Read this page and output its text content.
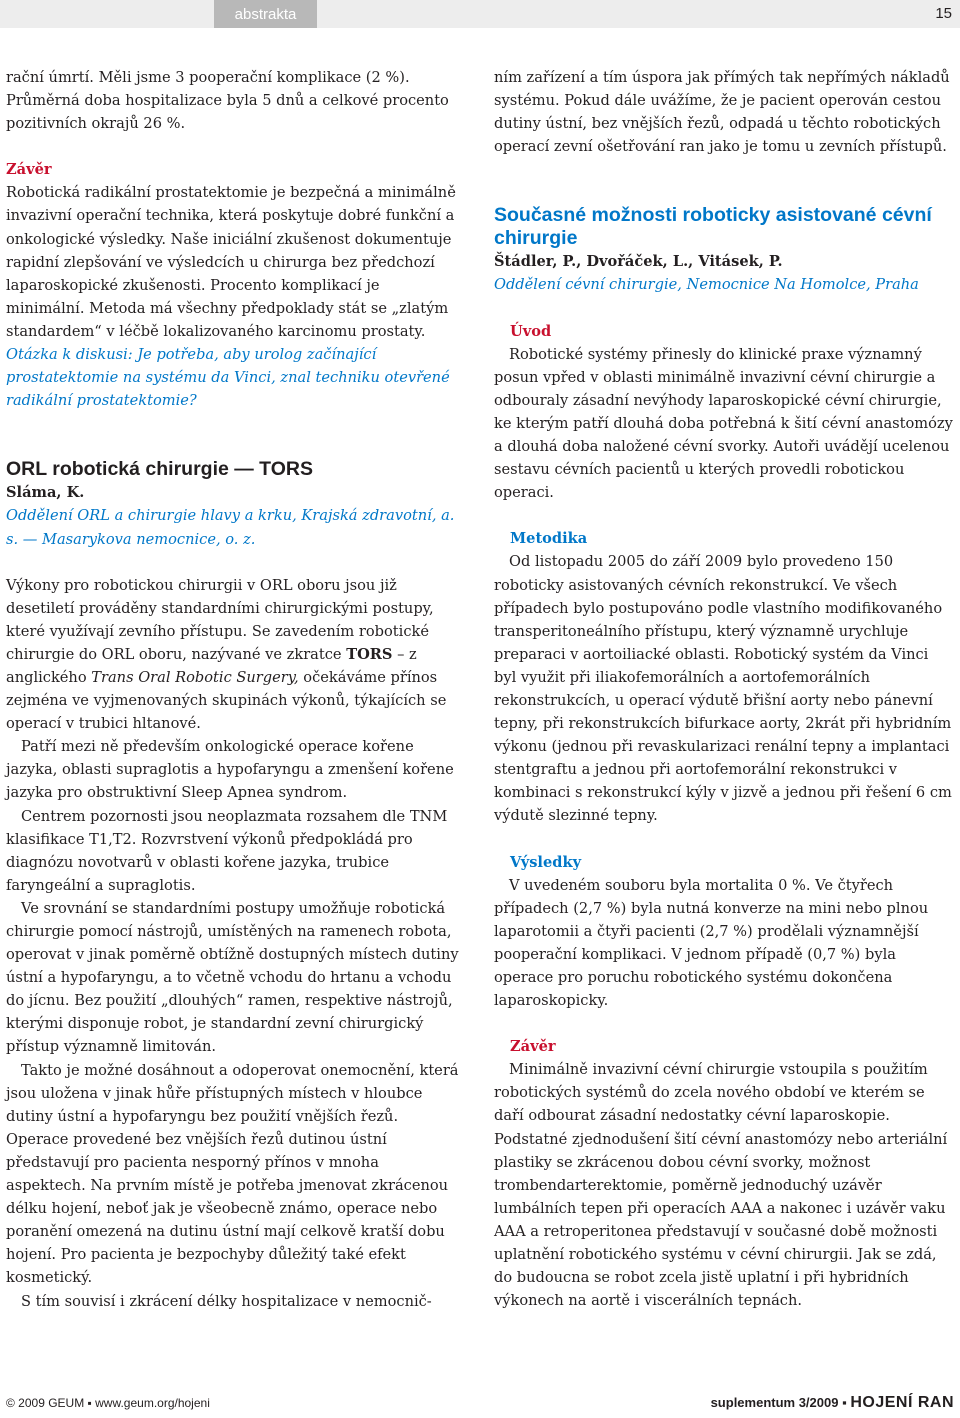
abstrakta	15

rační úmrtí. Měli jsme 3 pooperační komplikace (2 %). Průměrná doba hospitalizace byla 5 dnů a celkové procento pozitivních okrajů 26 %.

Závěr

Robotická radikální prostatektomie je bezpečná a minimálně invazivní operační technika, která poskytuje dobré funkční a onkologické výsledky. Naše iniciální zkušenost dokumentuje rapidní zlepšování ve výsledcích u chirurga bez předchozí laparoskopické zkušenosti. Procento komplikací je minimální. Metoda má všechny předpoklady stát se „zlatým standardem“ v léčbě lokalizovaného karcinomu prostaty.

Otázka k diskusi: Je potřeba, aby urolog začínající prostatektomie na systému da Vinci, znal techniku otevřené radikální prostatektomie?

ORL robotická chirurgie — TORS

Sláma, K.

Oddělení ORL a chirurgie hlavy a krku, Krajská zdravotní, a. s. — Masarykova nemocnice, o. z.

Výkony pro robotickou chirurgii v ORL oboru jsou již desetiletí prováděny standardními chirurgickými postupy, které využívají zevního přístupu. Se zavedením robotické chirurgie do ORL oboru, nazývané ve zkratce TORS – z anglického Trans Oral Robotic Surgery, očekáváme přínos zejména ve vyjmenovaných skupinách výkonů, týkajících se operací v trubici hltanové.

Patří mezi ně především onkologické operace kořene jazyka, oblasti supraglotis a hypofaryngu a zmenšení kořene jazyka pro obstruktivní Sleep Apnea syndrom.

Centrem pozornosti jsou neoplazmata rozsahem dle TNM klasifikace T1,T2. Rozvrstvení výkonů předpokládá pro diagnózu novotvarů v oblasti kořene jazyka, trubice faryngeální a supraglotis.

Ve srovnání se standardními postupy umožňuje robotická chirurgie pomocí nástrojů, umístěných na ramenech robota, operovat v jinak poměrně obtížně dostupných místech dutiny ústní a hypofaryngu, a to včetně vchodu do hrtanu a vchodu do jícnu. Bez použití „dlouhých“ ramen, respektive nástrojů, kterými disponuje robot, je standardní zevní chirurgický přístup významně limitován.

Takto je možné dosáhnout a odoperovat onemocnění, která jsou uložena v jinak hůře přístupných místech v hloubce dutiny ústní a hypofaryngu bez použití vnějších řezů. Operace provedené bez vnějších řezů dutinou ústní představují pro pacienta nesporný přínos v mnoha aspektech. Na prvním místě je potřeba jmenovat zkrácenou délku hojení, neboť jak je všeobecně známo, operace nebo poranění omezená na dutinu ústní mají celkově kratší dobu hojení. Pro pacienta je bezpochyby důležitý také efekt kosmetický.

S tím souvisí i zkrácení délky hospitalizace v nemocnič-

ním zařízení a tím úspora jak přímých tak nepřímých nákladů systému. Pokud dále uvážíme, že je pacient operován cestou dutiny ústní, bez vnějších řezů, odpadá u těchto robotických operací zevní ošetřování ran jako je tomu u zevních přístupů.

Současné možnosti roboticky asistované cévní chirurgie

Štádler, P., Dvořáček, L., Vitásek, P.

Oddělení cévní chirurgie, Nemocnice Na Homolce, Praha

Úvod

Robotické systémy přinesly do klinické praxe významný posun vpřed v oblasti minimálně invazivní cévní chirurgie a odbouraly zásadní nevýhody laparoskopické cévní chirurgie, ke kterým patří dlouhá doba potřebná k šití cévní anastomózy a dlouhá doba naložené cévní svorky. Autoři uvádějí ucelenou sestavu cévních pacientů u kterých provedli robotickou operaci.

Metodika

Od listopadu 2005 do září 2009 bylo provedeno 150 roboticky asistovaných cévních rekonstrukcí. Ve všech případech bylo postupováno podle vlastního modifikovaného transperitoneálního přístupu, který významně urychluje preparaci v aortoiliacké oblasti. Robotický systém da Vinci byl využit při iliakofemorálních a aortofemorálních rekonstrukcích, u operací výdutě břišní aorty nebo pánevní tepny, při rekonstrukcích bifurkace aorty, 2krát při hybridním výkonu (jednou při revaskularizaci renální tepny a implantaci stentgraftu a jednou při aortofemorální rekonstrukci v kombinaci s rekonstrukcí kýly v jizvě a jednou při řešení 6 cm výdutě slezinné tepny.

Výsledky

V uvedeném souboru byla mortalita 0 %. Ve čtyřech případech (2,7 %) byla nutná konverze na mini nebo plnou laparotomii a čtyři pacienti (2,7 %) prodělali významnější pooperační komplikaci. V jednom případě (0,7 %) byla operace pro poruchu robotického systému dokončena laparoskopicky.

Závěr

Minimálně invazivní cévní chirurgie vstoupila s použitím robotických systémů do zcela nového období ve kterém se daří odbourat zásadní nedostatky cévní laparoskopie. Podstatné zjednodušení šití cévní anastomózy nebo arteriální plastiky se zkrácenou dobou cévní svorky, možnost trombendarterektomie, poměrně jednoduchý uzávěr lumbálních tepen při operacích AAA a nakonec i uzávěr vaku AAA a retroperitonea představují v současné době možnosti uplatnění robotického systému v cévní chirurgii. Jak se zdá, do budoucna se robot zcela jistě uplatní i při hybridních výkonech na aortě i viscerálních tepnách.

© 2009 GEUM ▪ www.geum.org/hojeni	suplementum 3/2009 ▪ HOJENÍ RAN
